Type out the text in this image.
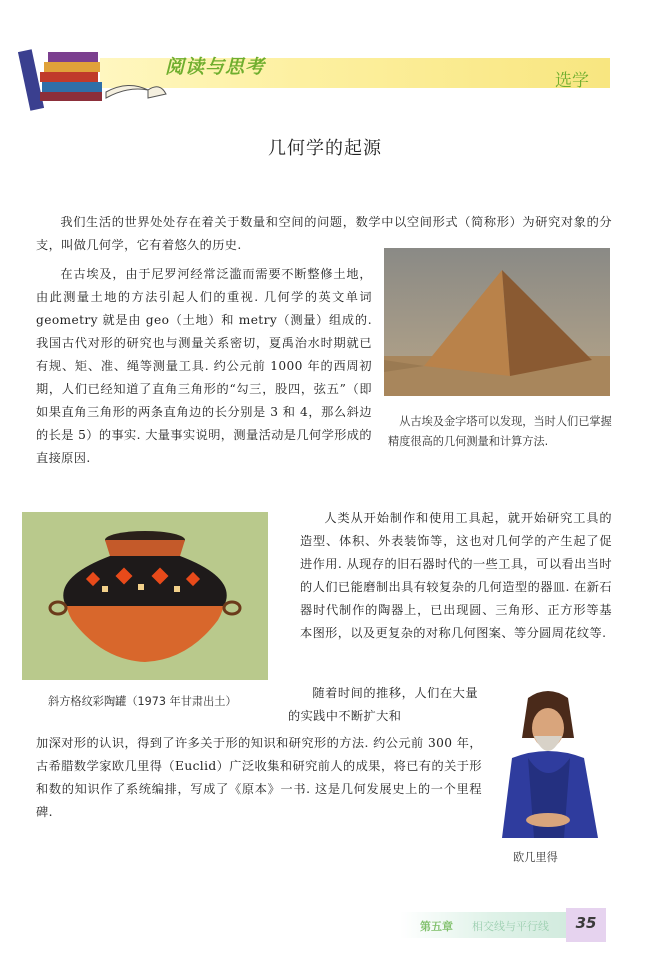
阅读与思考
选学
几何学的起源
我们生活的世界处处存在着关于数量和空间的问题，数学中以空间形式（简称形）为研究对象的分支，叫做几何学，它有着悠久的历史.
在古埃及，由于尼罗河经常泛滥而需要不断整修土地，由此测量土地的方法引起人们的重视. 几何学的英文单词 geometry 就是由 geo（土地）和 metry（测量）组成的. 我国古代对形的研究也与测量关系密切，夏禹治水时期就已有规、矩、准、绳等测量工具. 约公元前 1000 年的西周初期，人们已经知道了直角三角形的“勾三，股四，弦五”（即如果直角三角形的两条直角边的长分别是 3 和 4，那么斜边的长是 5）的事实. 大量事实说明，测量活动是几何学形成的直接原因.
人类从开始制作和使用工具起，就开始研究工具的造型、体积、外表装饰等，这也对几何学的产生起了促进作用. 从现存的旧石器时代的一些工具，可以看出当时的人们已能磨制出具有较复杂的几何造型的器皿. 在新石器时代制作的陶器上，已出现圆、三角形、正方形等基本图形，以及更复杂的对称几何图案、等分圆周花纹等.
随着时间的推移，人们在大量的实践中不断扩大和
加深对形的认识，得到了许多关于形的知识和研究形的方法. 约公元前 300 年，古希腊数学家欧几里得（Euclid）广泛收集和研究前人的成果，将已有的关于形和数的知识作了系统编排，写成了《原本》一书. 这是几何发展史上的一个里程碑.
从古埃及金字塔可以发现，当时人们已掌握精度很高的几何测量和计算方法.
斜方格纹彩陶罐（1973 年甘肃出土）
欧几里得
第五章 相交线与平行线	35
